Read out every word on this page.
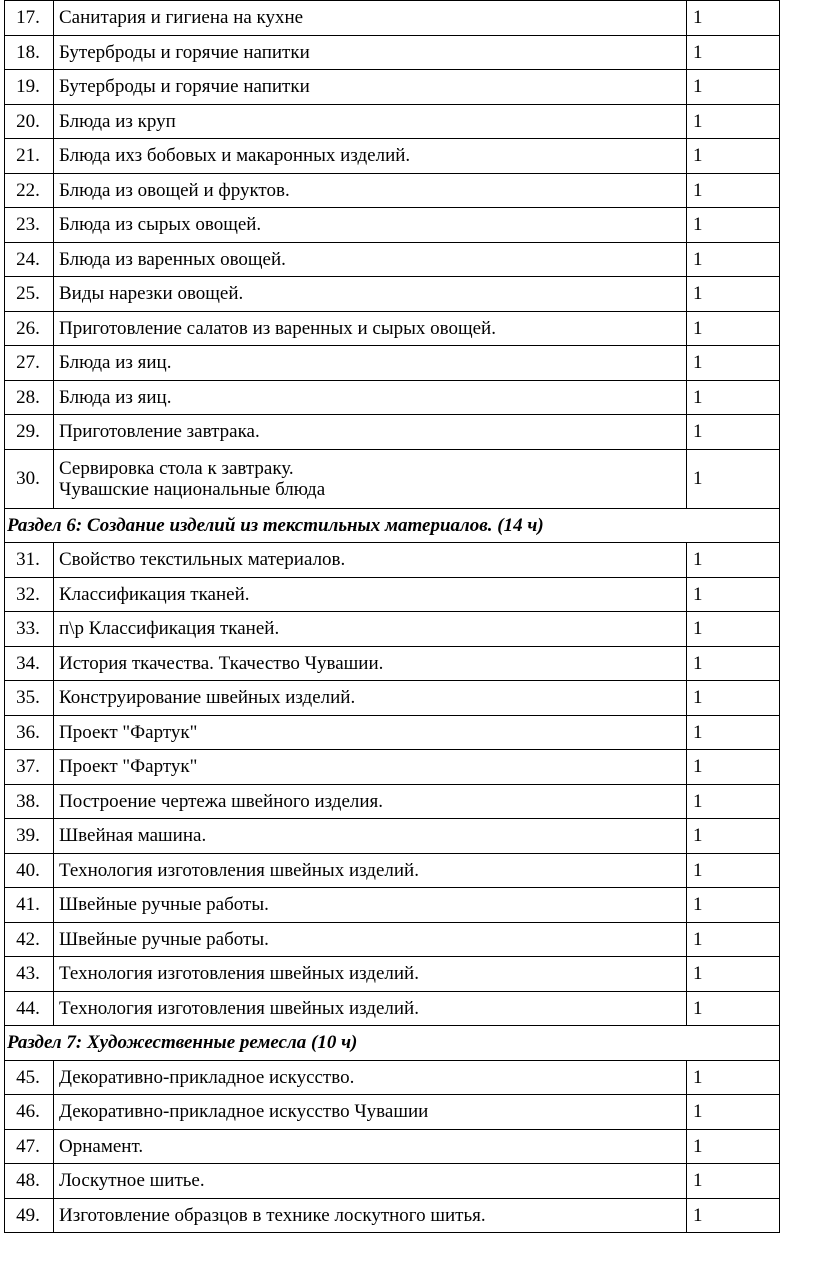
17.	Санитария и гигиена на кухне	1
18.	Бутерброды и горячие напитки	1
19.	Бутерброды и горячие напитки	1
20.	Блюда из круп	1
21.	Блюда ихз бобовых и макаронных изделий.	1
22.	Блюда из овощей и фруктов.	1
23.	Блюда из сырых овощей.	1
24.	Блюда из варенных овощей.	1
25.	Виды нарезки овощей.	1
26.	Приготовление салатов из варенных и сырых овощей.	1
27.	Блюда из яиц.	1
28.	Блюда из яиц.	1
29.	Приготовление завтрака.	1
30.	Сервировка стола к завтраку.
Чувашские национальные блюда	1
Раздел 6: Создание изделий из текстильных материалов. (14 ч)		
31.	Свойство текстильных материалов.	1
32.	Классификация тканей.	1
33.	п\р Классификация тканей.	1
34.	История ткачества. Ткачество Чувашии.	1
35.	Конструирование швейных изделий.	1
36.	Проект "Фартук"	1
37.	Проект "Фартук"	1
38.	Построение чертежа швейного изделия.	1
39.	Швейная машина.	1
40.	Технология изготовления швейных изделий.	1
41.	Швейные ручные работы.	1
42.	Швейные ручные работы.	1
43.	Технология изготовления швейных изделий.	1
44.	Технология изготовления швейных изделий.	1
Раздел 7: Художественные ремесла (10 ч)		
45.	Декоративно-прикладное искусство.	1
46.	Декоративно-прикладное искусство Чувашии	1
47.	Орнамент.	1
48.	Лоскутное шитье.	1
49.	Изготовление образцов в технике лоскутного шитья.	1
